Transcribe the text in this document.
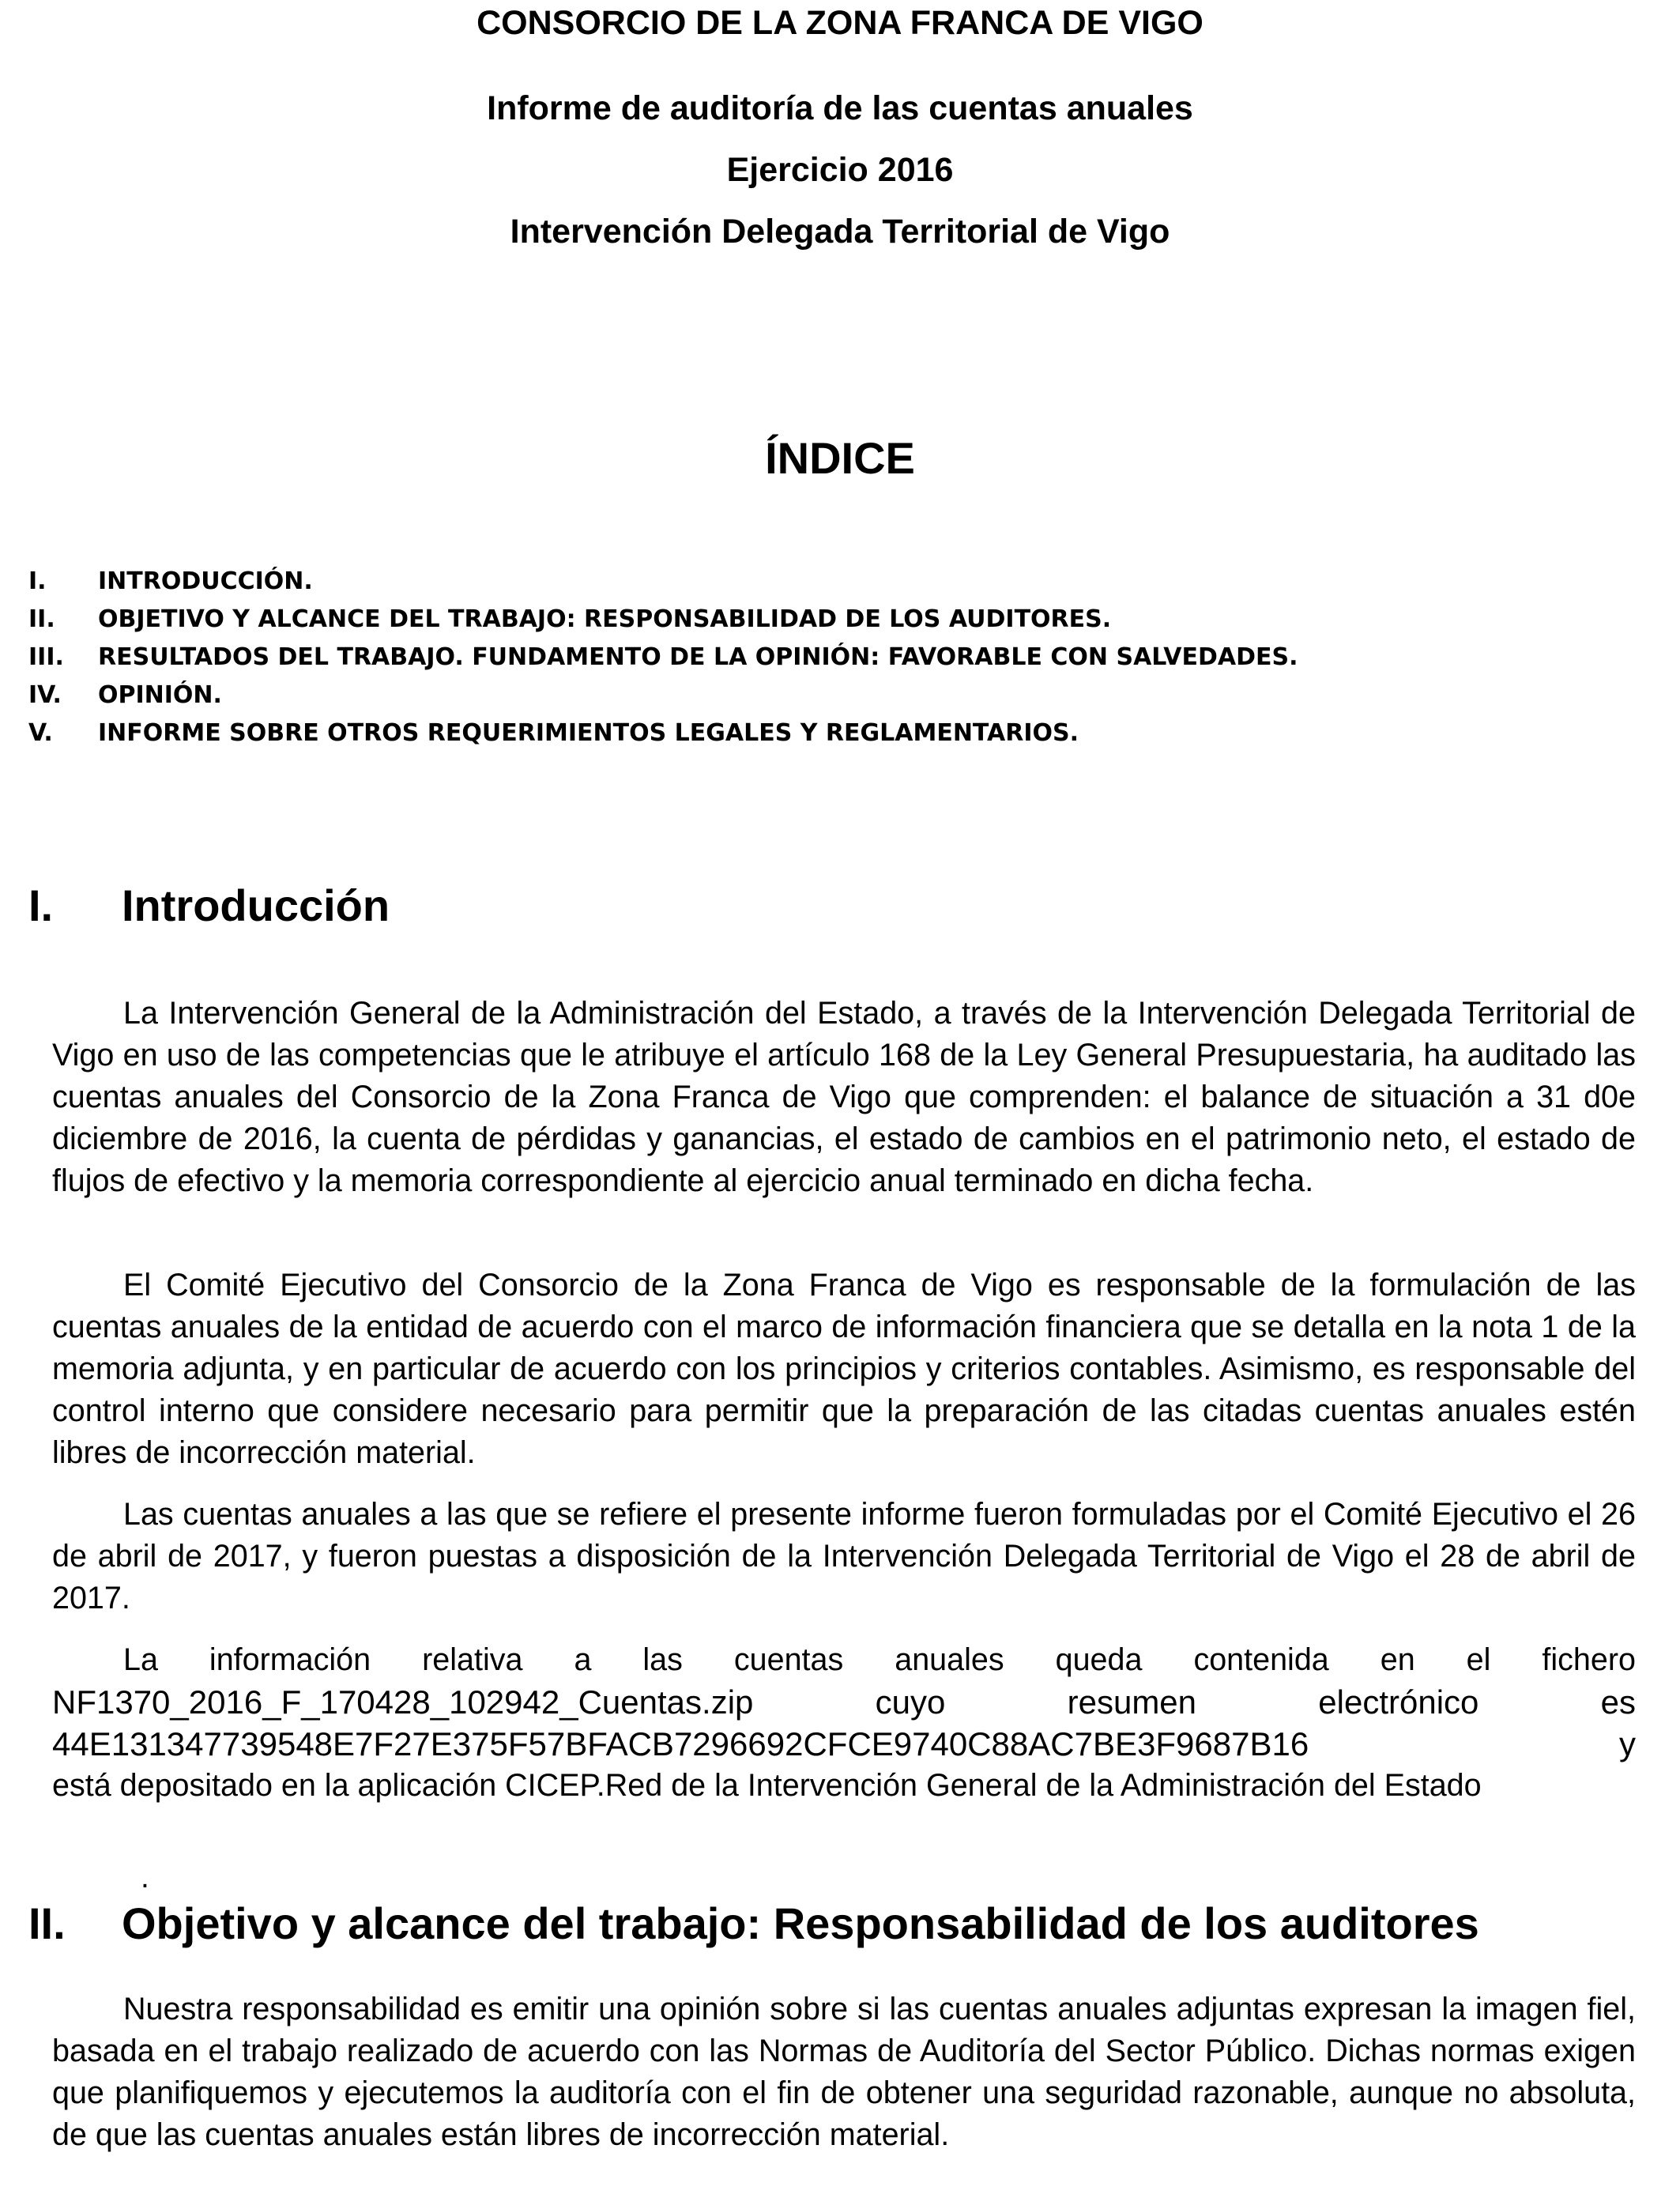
CONSORCIO DE LA ZONA FRANCA DE VIGO
Informe de auditoría de las cuentas anuales
Ejercicio 2016
Intervención Delegada Territorial de Vigo
ÍNDICE
I. INTRODUCCIÓN.
II. OBJETIVO Y ALCANCE DEL TRABAJO: RESPONSABILIDAD DE LOS AUDITORES.
III. RESULTADOS DEL TRABAJO. FUNDAMENTO DE LA OPINIÓN: FAVORABLE CON SALVEDADES.
IV. OPINIÓN.
V. INFORME SOBRE OTROS REQUERIMIENTOS LEGALES Y REGLAMENTARIOS.
I. Introducción

La Intervención General de la Administración del Estado, a través de la Intervención Delegada Territorial de Vigo en uso de las competencias que le atribuye el artículo 168 de la Ley General Presupuestaria, ha auditado las cuentas anuales del Consorcio de la Zona Franca de Vigo que comprenden: el balance de situación a 31 d0e diciembre de 2016, la cuenta de pérdidas y ganancias, el estado de cambios en el patrimonio neto, el estado de flujos de efectivo y la memoria correspondiente al ejercicio anual terminado en dicha fecha.

El Comité Ejecutivo del Consorcio de la Zona Franca de Vigo es responsable de la formulación de las cuentas anuales de la entidad de acuerdo con el marco de información financiera que se detalla en la nota 1 de la memoria adjunta, y en particular de acuerdo con los principios y criterios contables. Asimismo, es responsable del control interno que considere necesario para permitir que la preparación de las citadas cuentas anuales estén libres de incorrección material.

Las cuentas anuales a las que se refiere el presente informe fueron formuladas por el Comité Ejecutivo el 26 de abril de 2017, y fueron puestas a disposición de la Intervención Delegada Territorial de Vigo el 28 de abril de 2017.

La información relativa a las cuentas anuales queda contenida en el fichero
NF1370_2016_F_170428_102942_Cuentas.zip cuyo resumen electrónico es
44E131347739548E7F27E375F57BFACB7296692CFCE9740C88AC7BE3F9687B16 y
está depositado en la aplicación CICEP.Red de la Intervención General de la Administración del Estado
.
II. Objetivo y alcance del trabajo: Responsabilidad de los auditores

Nuestra responsabilidad es emitir una opinión sobre si las cuentas anuales adjuntas expresan la imagen fiel, basada en el trabajo realizado de acuerdo con las Normas de Auditoría del Sector Público. Dichas normas exigen que planifiquemos y ejecutemos la auditoría con el fin de obtener una seguridad razonable, aunque no absoluta, de que las cuentas anuales están libres de incorrección material.
